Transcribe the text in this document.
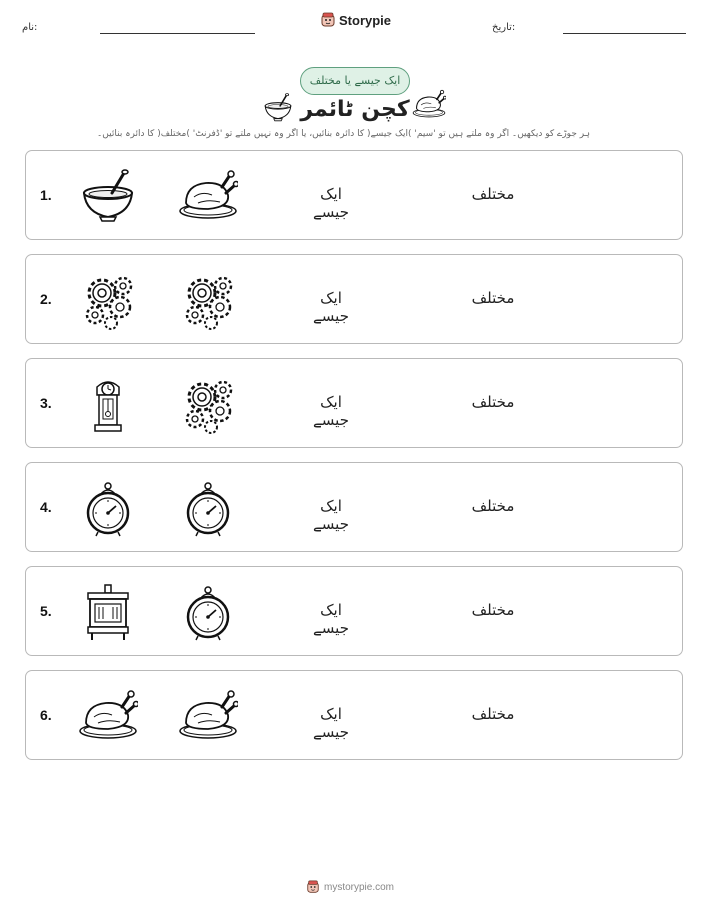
نام:	Storypie	تاریخ:
ایک جیسے یا مختلف
کچن ٹائمر
ہر جوڑے کو دیکھیں۔ اگر وہ ملتے ہیں تو 'سیم' )ایک جیسے( کا دائرہ بنائیں، یا اگر وہ نہیں ملتے تو 'ڈفرنٹ' )مختلف( کا دائرہ بنائیں۔
1.	ایک جیسے
مختلف
2.	ایک جیسے
مختلف
3.	ایک جیسے
مختلف
4.	ایک جیسے
مختلف
5.	ایک جیسے
مختلف
6.	ایک جیسے
مختلف
mystorypie.com
